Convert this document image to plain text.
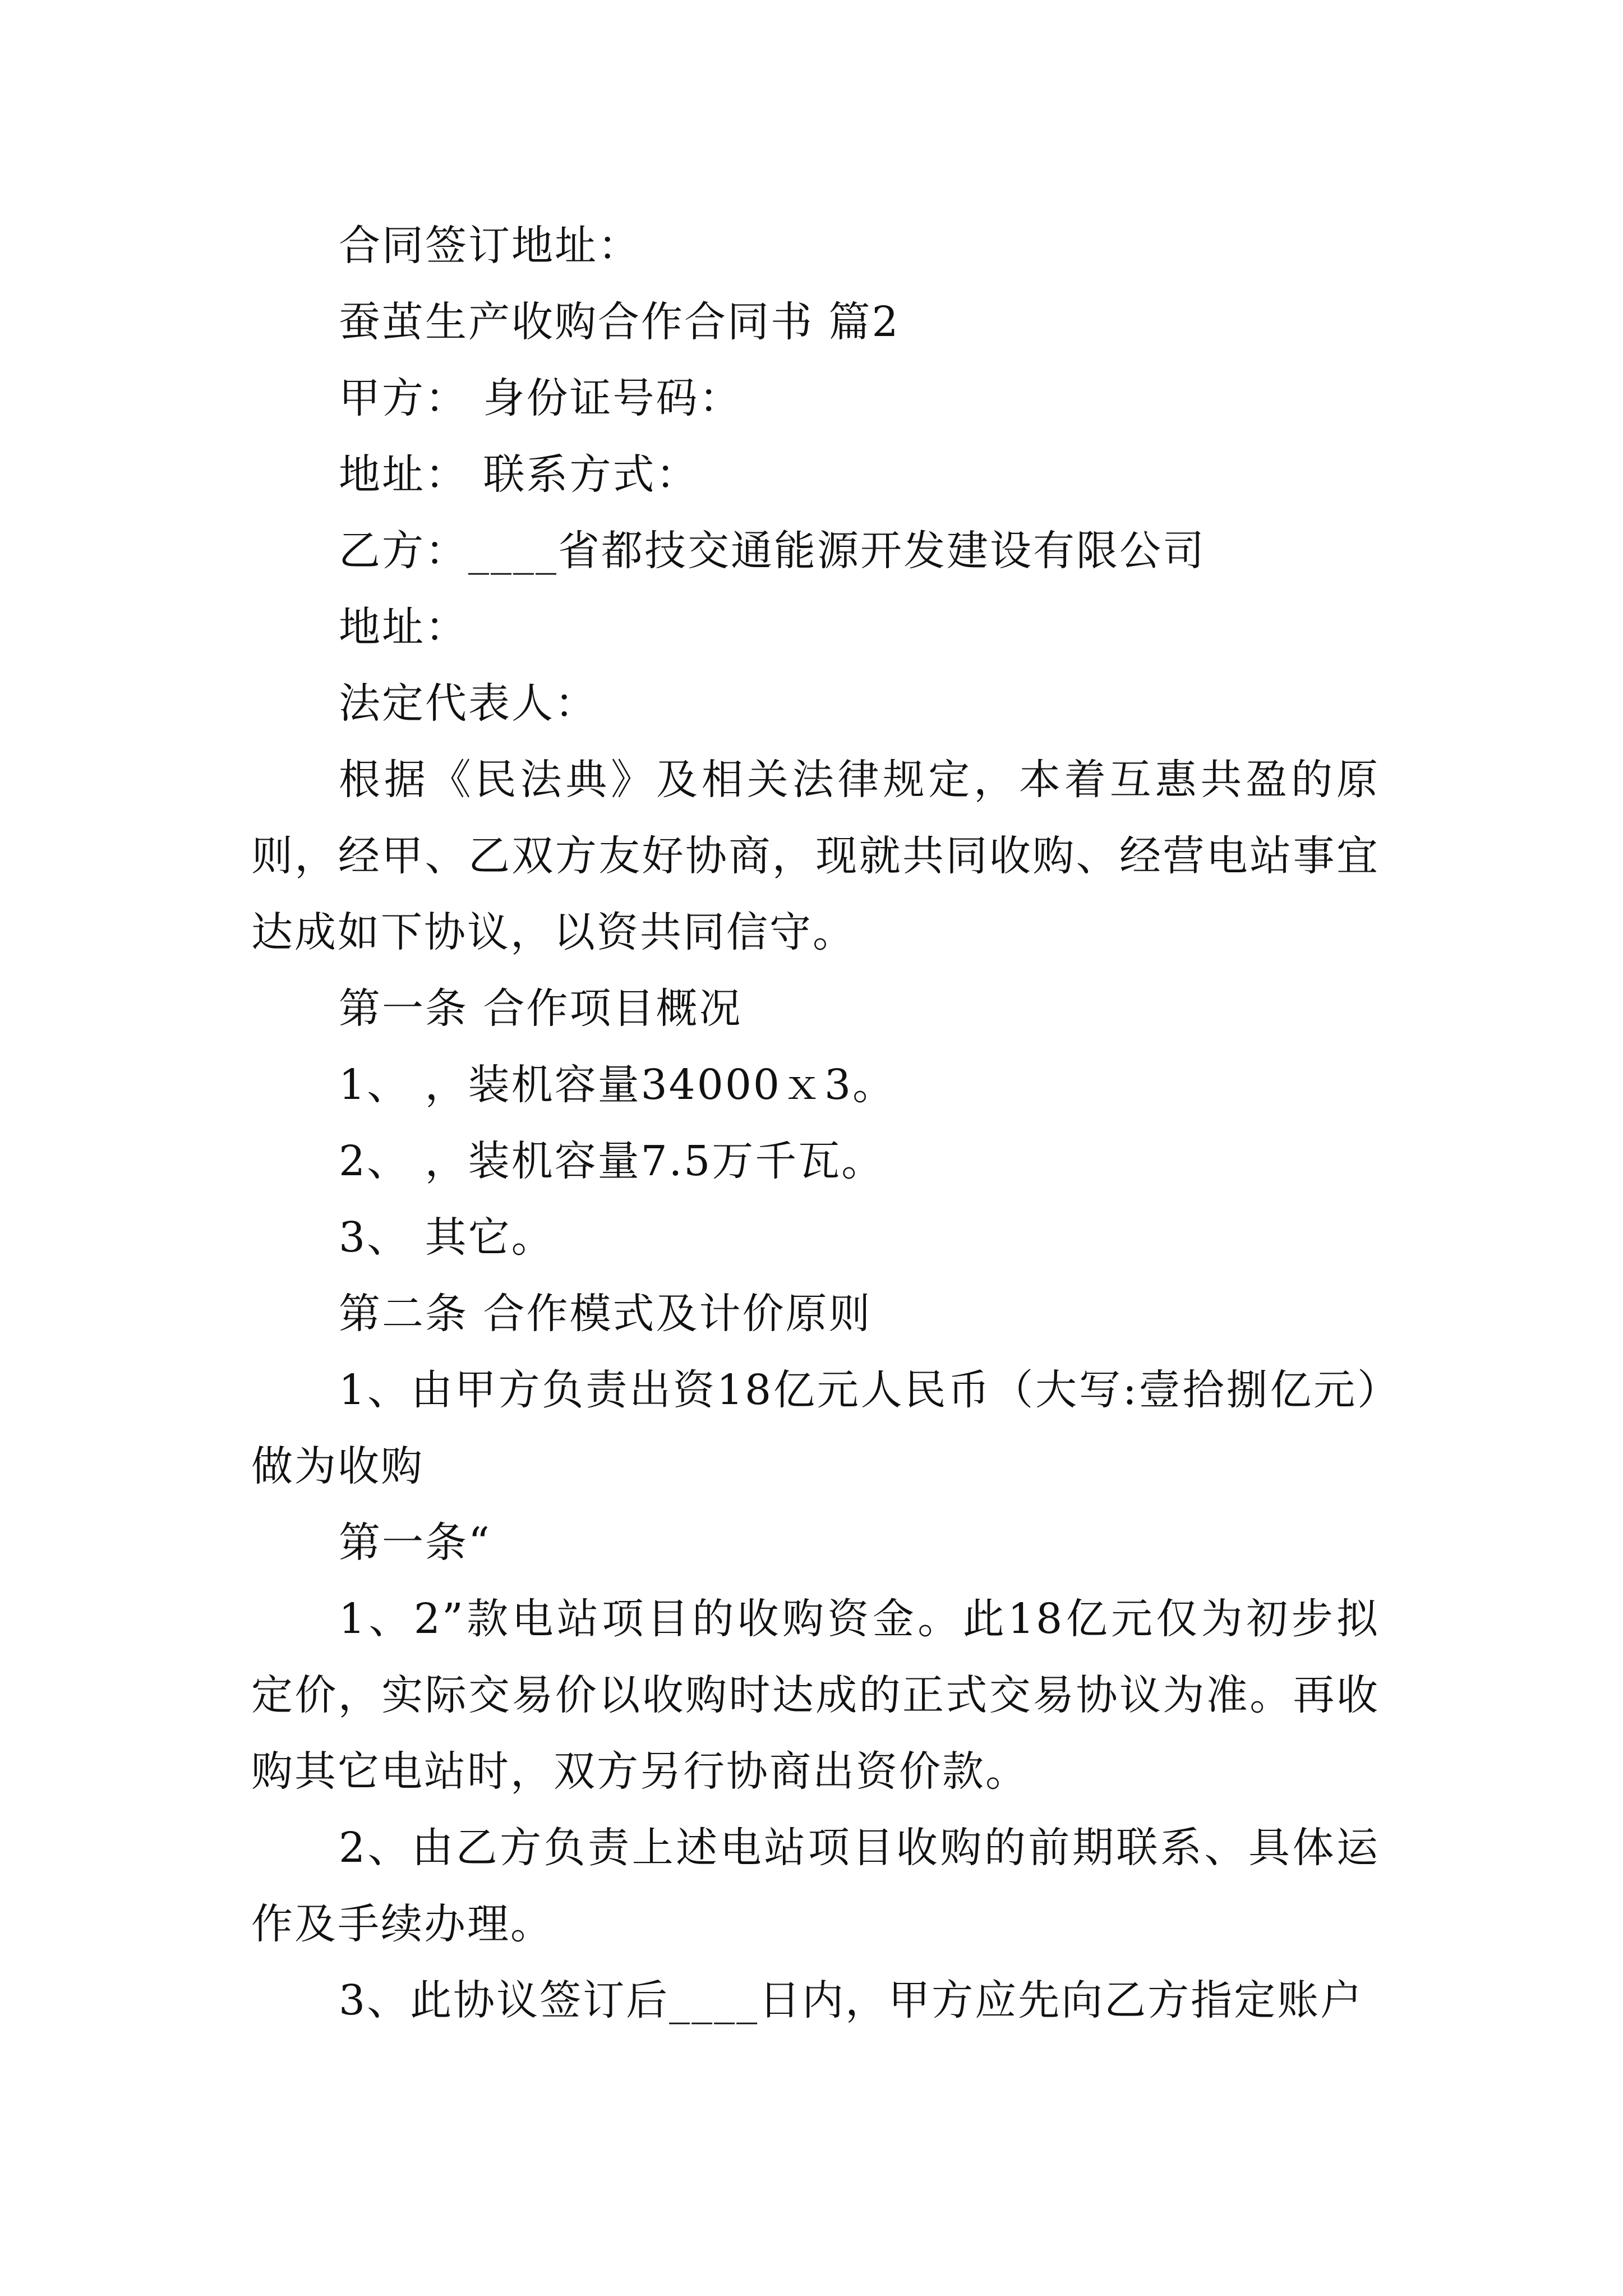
合同签订地址：

蚕茧生产收购合作合同书 篇2

甲方： 身份证号码：

地址： 联系方式：

乙方：____省都技交通能源开发建设有限公司

地址：

法定代表人：

根据《民法典》及相关法律规定，本着互惠共盈的原则，经甲、乙双方友好协商，现就共同收购、经营电站事宜达成如下协议，以资共同信守。

第一条 合作项目概况

1、 ，装机容量34000ｘ3。

2、 ，装机容量7.5万千瓦。

3、 其它。

第二条 合作模式及计价原则

1、由甲方负责出资18亿元人民币（大写:壹拾捌亿元）做为收购

第一条“

1、2”款电站项目的收购资金。此18亿元仅为初步拟定价，实际交易价以收购时达成的正式交易协议为准。再收购其它电站时，双方另行协商出资价款。

2、由乙方负责上述电站项目收购的前期联系、具体运作及手续办理。

3、此协议签订后____日内，甲方应先向乙方指定账户
